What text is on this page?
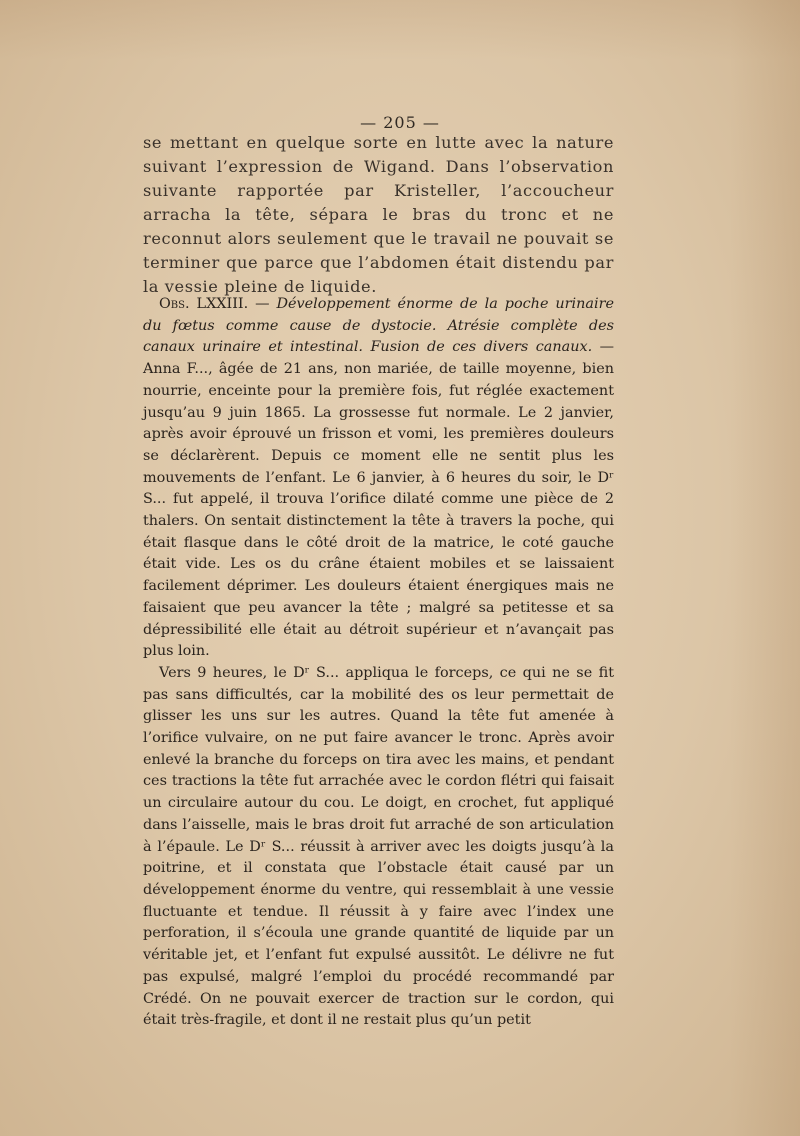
— 205 —

se mettant en quelque sorte en lutte avec la nature suivant l’expression de Wigand. Dans l’observation suivante rapportée par Kristeller, l’accoucheur arracha la tête, sépara le bras du tronc et ne reconnut alors seulement que le travail ne pouvait se terminer que parce que l’abdomen était distendu par la vessie pleine de liquide.

Obs. LXXIII. — Développement énorme de la poche urinaire du fœtus comme cause de dystocie. Atrésie complète des canaux urinaire et intestinal. Fusion de ces divers canaux. — Anna F..., âgée de 21 ans, non mariée, de taille moyenne, bien nourrie, enceinte pour la première fois, fut réglée exactement jusqu’au 9 juin 1865. La grossesse fut normale. Le 2 janvier, après avoir éprouvé un frisson et vomi, les premières douleurs se déclarèrent. Depuis ce moment elle ne sentit plus les mouvements de l’enfant. Le 6 janvier, à 6 heures du soir, le Dʳ S... fut appelé, il trouva l’orifice dilaté comme une pièce de 2 thalers. On sentait distinctement la tête à travers la poche, qui était flasque dans le côté droit de la matrice, le coté gauche était vide. Les os du crâne étaient mobiles et se laissaient facilement déprimer. Les douleurs étaient énergiques mais ne faisaient que peu avancer la tête ; malgré sa petitesse et sa dépressibilité elle était au détroit supérieur et n’avançait pas plus loin.

Vers 9 heures, le Dʳ S... appliqua le forceps, ce qui ne se fit pas sans difficultés, car la mobilité des os leur permettait de glisser les uns sur les autres. Quand la tête fut amenée à l’orifice vulvaire, on ne put faire avancer le tronc. Après avoir enlevé la branche du forceps on tira avec les mains, et pendant ces tractions la tête fut arrachée avec le cordon flétri qui faisait un circulaire autour du cou. Le doigt, en crochet, fut appliqué dans l’aisselle, mais le bras droit fut arraché de son articulation à l’épaule. Le Dʳ S... réussit à arriver avec les doigts jusqu’à la poitrine, et il constata que l’obstacle était causé par un développement énorme du ventre, qui ressemblait à une vessie fluctuante et tendue. Il réussit à y faire avec l’index une perforation, il s’écoula une grande quantité de liquide par un véritable jet, et l’enfant fut expulsé aussitôt. Le délivre ne fut pas expulsé, malgré l’emploi du procédé recommandé par Crédé. On ne pouvait exercer de traction sur le cordon, qui était très-fragile, et dont il ne restait plus qu’un petit
